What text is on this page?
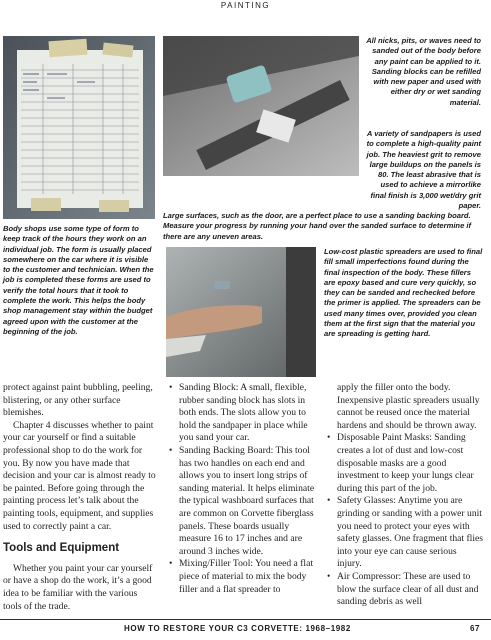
PAINTING

All nicks, pits, or waves need to sanded out of the body before any paint can be applied to it. Sanding blocks can be refilled with new paper and used with either dry or wet sanding material.

A variety of sandpapers is used to complete a high-quality paint job. The heaviest grit to remove large buildups on the panels is 80. The least abrasive that is used to achieve a mirrorlike final finish is 3,000 wet/dry grit paper.

Large surfaces, such as the door, are a perfect place to use a sanding backing board. Measure your progress by running your hand over the sanded surface to determine if there are any uneven areas.

Body shops use some type of form to keep track of the hours they work on an individual job. The form is usually placed somewhere on the car where it is visible to the customer and technician. When the job is completed these forms are used to verify the total hours that it took to complete the work. This helps the body shop management stay within the budget agreed upon with the customer at the beginning of the job.

Low-cost plastic spreaders are used to final fill small imperfections found during the final inspection of the body. These fillers are epoxy based and cure very quickly, so they can be sanded and rechecked before the primer is applied. The spreaders can be used many times over, provided you clean them at the first sign that the material you are spreading is getting hard.

protect against paint bubbling, peeling, blistering, or any other surface blemishes.

Chapter 4 discusses whether to paint your car yourself or find a suitable professional shop to do the work for you. By now you have made that decision and your car is almost ready to be painted. Before going through the painting process let’s talk about the painting tools, equipment, and supplies used to correctly paint a car.

Tools and Equipment

Whether you paint your car yourself or have a shop do the work, it’s a good idea to be familiar with the various tools of the trade.

• Sanding Block: A small, flexible, rubber sanding block has slots in both ends. The slots allow you to hold the sandpaper in place while you sand your car.
• Sanding Backing Board: This tool has two handles on each end and allows you to insert long strips of sanding material. It helps eliminate the typical washboard surfaces that are common on Corvette fiberglass panels. These boards usually measure 16 to 17 inches and are around 3 inches wide.
• Mixing/Filler Tool: You need a flat piece of material to mix the body filler and a flat spreader to

apply the filler onto the body. Inexpensive plastic spreaders usually cannot be reused once the material hardens and should be thrown away.

• Disposable Paint Masks: Sanding creates a lot of dust and low-cost disposable masks are a good investment to keep your lungs clear during this part of the job.
• Safety Glasses: Anytime you are grinding or sanding with a power unit you need to protect your eyes with safety glasses. One fragment that flies into your eye can cause serious injury.
• Air Compressor: These are used to blow the surface clear of all dust and sanding debris as well
HOW TO RESTORE YOUR C3 CORVETTE: 1968–1982	67
